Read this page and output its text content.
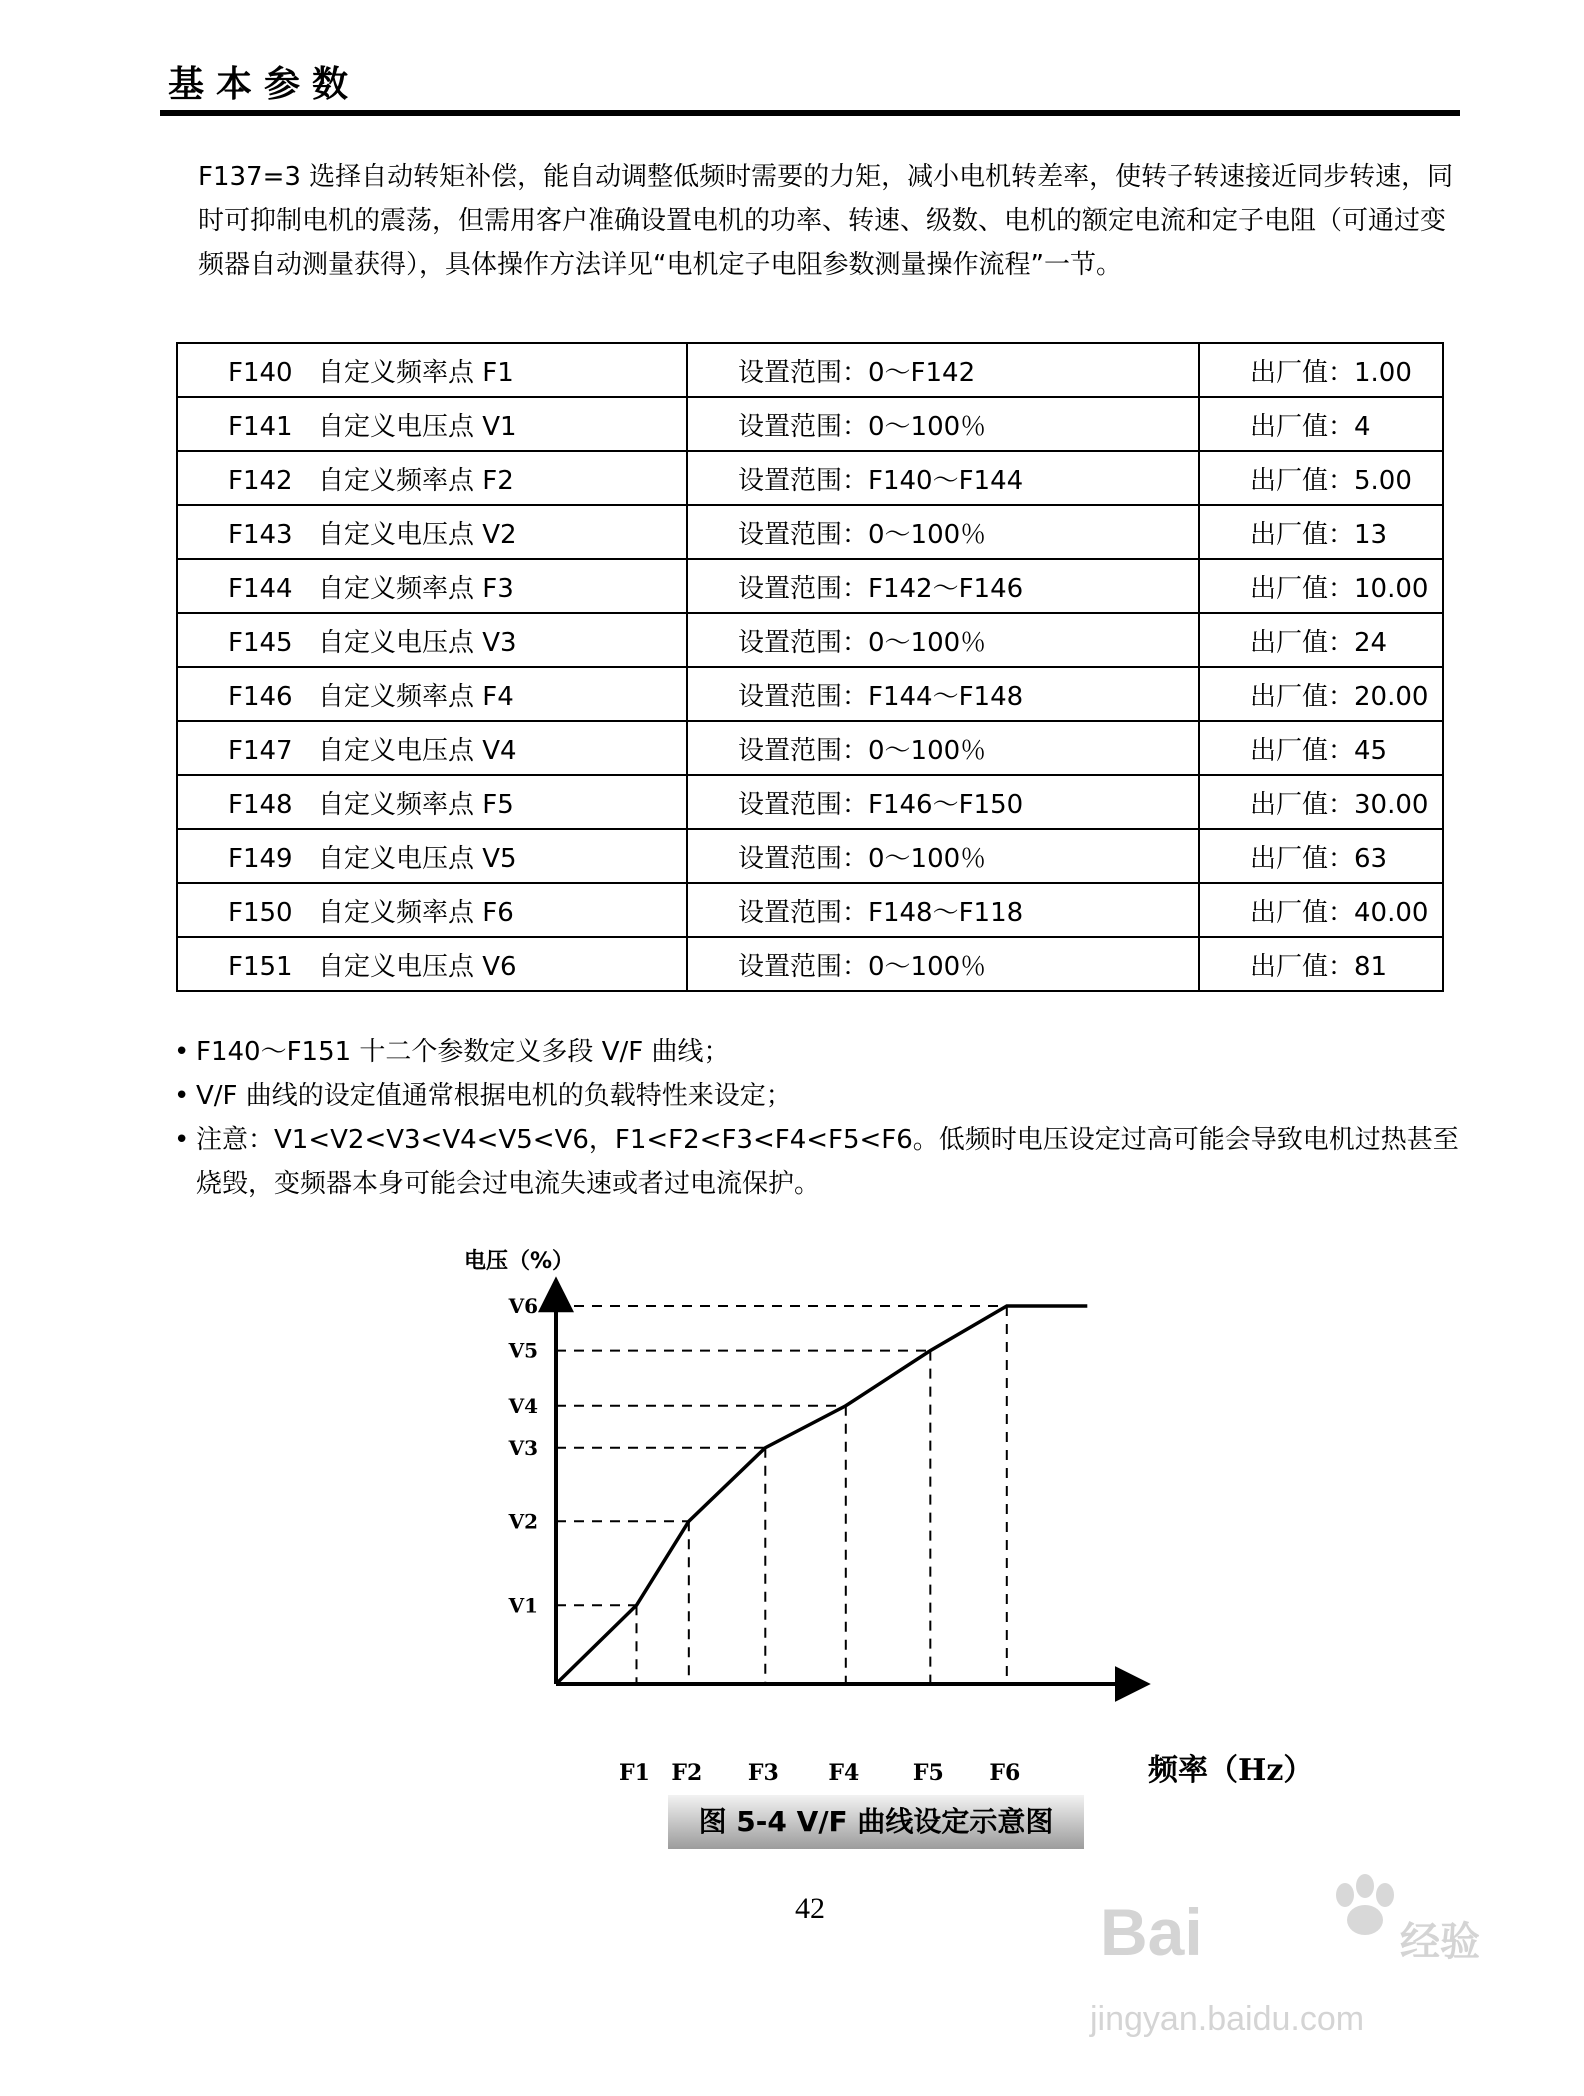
基本参数

F137=3 选择自动转矩补偿，能自动调整低频时需要的力矩，减小电机转差率，使转子转速接近同步转速，同时可抑制电机的震荡，但需用客户准确设置电机的功率、转速、级数、电机的额定电流和定子电阻（可通过变频器自动测量获得），具体操作方法详见“电机定子电阻参数测量操作流程”一节。

F140 自定义频率点 F1	设置范围：0～F142	出厂值：1.00
F141 自定义电压点 V1	设置范围：0～100％	出厂值：4
F142 自定义频率点 F2	设置范围：F140～F144	出厂值：5.00
F143 自定义电压点 V2	设置范围：0～100％	出厂值：13
F144 自定义频率点 F3	设置范围：F142～F146	出厂值：10.00
F145 自定义电压点 V3	设置范围：0～100％	出厂值：24
F146 自定义频率点 F4	设置范围：F144～F148	出厂值：20.00
F147 自定义电压点 V4	设置范围：0～100％	出厂值：45
F148 自定义频率点 F5	设置范围：F146～F150	出厂值：30.00
F149 自定义电压点 V5	设置范围：0～100％	出厂值：63
F150 自定义频率点 F6	设置范围：F148～F118	出厂值：40.00
F151 自定义电压点 V6	设置范围：0～100％	出厂值：81
• F140～F151 十二个参数定义多段 V/F 曲线；
• V/F 曲线的设定值通常根据电机的负载特性来设定；
• 注意：V1<V2<V3<V4<V5<V6，F1<F2<F3<F4<F5<F6。低频时电压设定过高可能会导致电机过热甚至烧毁，变频器本身可能会过电流失速或者过电流保护。
V1
F1
V2
F2
V3
F3
V4
F4
V5
F5
V6
F6
电压（%）
频率（Hz）
图 5-4 V/F 曲线设定示意图
42	Bai	du 经验
jingyan.baidu.com
